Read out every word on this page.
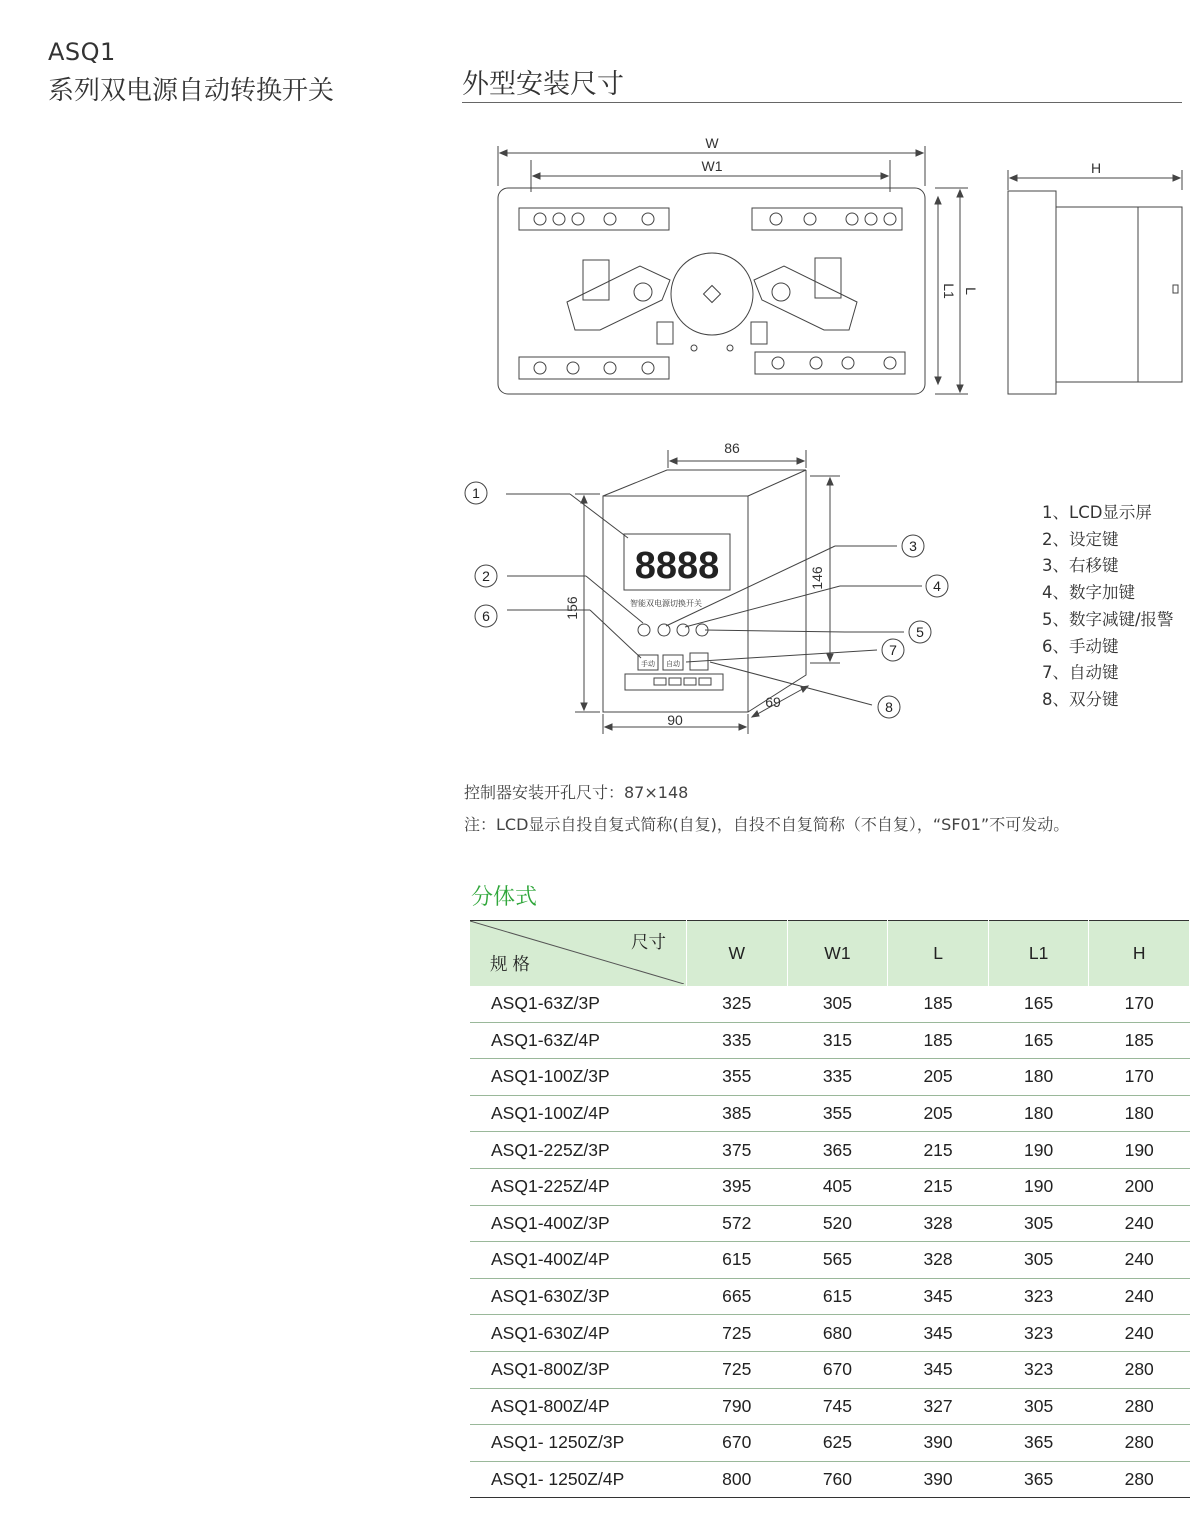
ASQ1
系列双电源自动转换开关	外型安装尺寸
W
W1
L
L1
H
1
2
3
4
5
6
7
8
8888
智能双电源切换开关
手动 自动
86
156
146
90
69
1、LCD显示屏
2、设定键
3、右移键
4、数字加键
5、数字减键/报警
6、手动键
7、自动键
8、双分键
控制器安装开孔尺寸：87×148
注：LCD显示自投自复式简称(自复)，自投不自复简称（不自复），“SF01”不可发动。
分体式
尺寸
规 格	W	W1	L	L1	H
ASQ1-63Z/3P	325	305	185	165	170
ASQ1-63Z/4P	335	315	185	165	185
ASQ1-100Z/3P	355	335	205	180	170
ASQ1-100Z/4P	385	355	205	180	180
ASQ1-225Z/3P	375	365	215	190	190
ASQ1-225Z/4P	395	405	215	190	200
ASQ1-400Z/3P	572	520	328	305	240
ASQ1-400Z/4P	615	565	328	305	240
ASQ1-630Z/3P	665	615	345	323	240
ASQ1-630Z/4P	725	680	345	323	240
ASQ1-800Z/3P	725	670	345	323	280
ASQ1-800Z/4P	790	745	327	305	280
ASQ1- 1250Z/3P	670	625	390	365	280
ASQ1- 1250Z/4P	800	760	390	365	280
